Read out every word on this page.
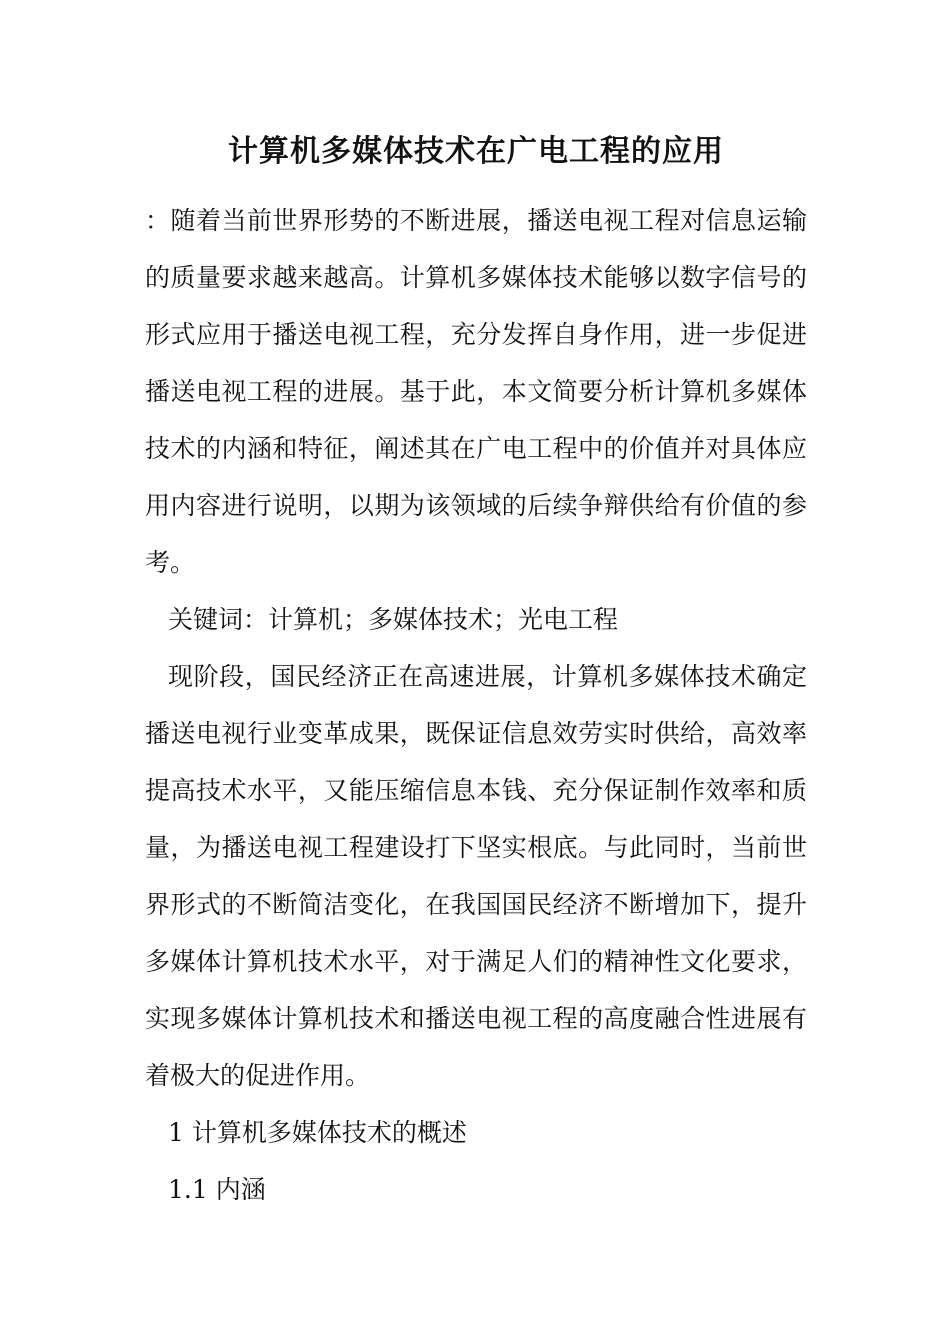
计算机多媒体技术在广电工程的应用

：随着当前世界形势的不断进展，播送电视工程对信息运输的质量要求越来越高。计算机多媒体技术能够以数字信号的形式应用于播送电视工程，充分发挥自身作用，进一步促进播送电视工程的进展。基于此，本文简要分析计算机多媒体技术的内涵和特征，阐述其在广电工程中的价值并对具体应用内容进行说明，以期为该领域的后续争辩供给有价值的参考。

关键词：计算机；多媒体技术；光电工程

现阶段，国民经济正在高速进展，计算机多媒体技术确定播送电视行业变革成果，既保证信息效劳实时供给，高效率提高技术水平，又能压缩信息本钱、充分保证制作效率和质量，为播送电视工程建设打下坚实根底。与此同时，当前世界形式的不断简洁变化，在我国国民经济不断增加下，提升多媒体计算机技术水平，对于满足人们的精神性文化要求，实现多媒体计算机技术和播送电视工程的高度融合性进展有着极大的促进作用。

1 计算机多媒体技术的概述

1.1 内涵
